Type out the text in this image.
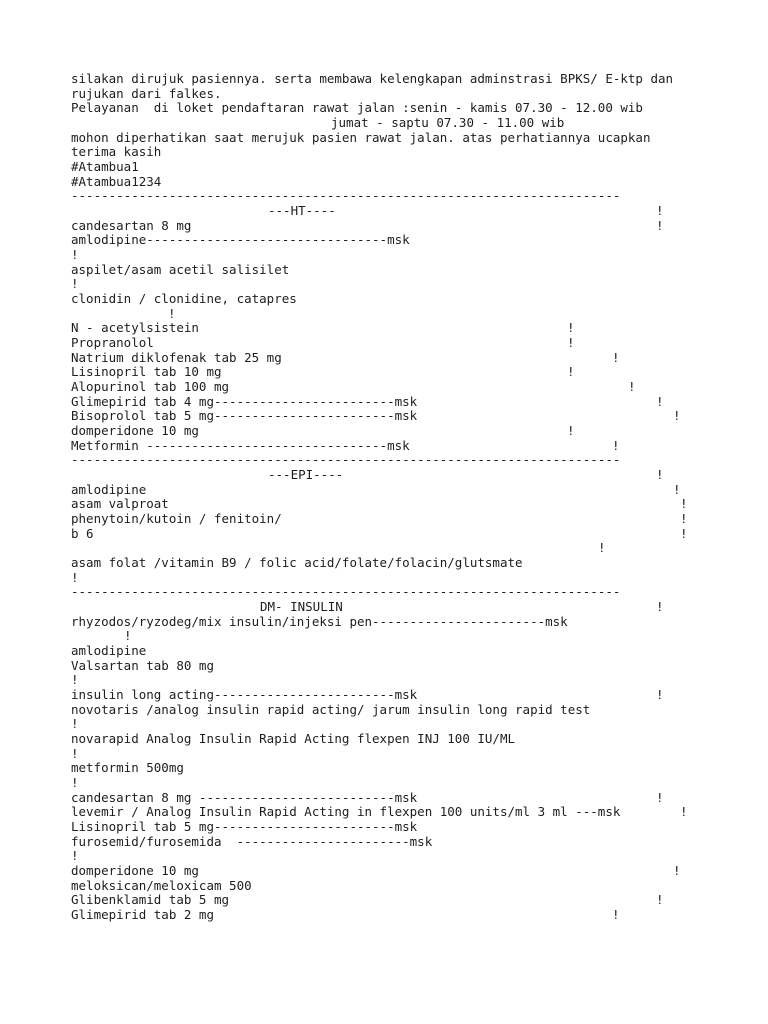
silakan dirujuk pasiennya. serta membawa kelengkapan adminstrasi BPKS/ E-ktp dan
rujukan dari falkes.
Pelayanan  di loket pendaftaran rawat jalan :senin - kamis 07.30 - 12.00 wib
jumat - saptu 07.30 - 11.00 wib
mohon diperhatikan saat merujuk pasien rawat jalan. atas perhatiannya ucapkan
terima kasih
#Atambua1
#Atambua1234
-------------------------------------------------------------------------
---HT----	!
candesartan 8 mg	!
amlodipine--------------------------------msk
!
aspilet/asam acetil salisilet
!
clonidin / clonidine, catapres
!
N - acetylsistein	!
Propranolol	!
Natrium diklofenak tab 25 mg	!
Lisinopril tab 10 mg	!
Alopurinol tab 100 mg	!
Glimepirid tab 4 mg------------------------msk	!
Bisoprolol tab 5 mg------------------------msk	!
domperidone 10 mg	!
Metformin --------------------------------msk	!
-------------------------------------------------------------------------
---EPI----	!
amlodipine	!
asam valproat	!
phenytoin/kutoin / fenitoin/	!
b 6	!
!
asam folat /vitamin B9 / folic acid/folate/folacin/glutsmate
!
-------------------------------------------------------------------------
DM- INSULIN	!
rhyzodos/ryzodeg/mix insulin/injeksi pen-----------------------msk
!
amlodipine
Valsartan tab 80 mg
!
insulin long acting------------------------msk	!
novotaris /analog insulin rapid acting/ jarum insulin long rapid test
!
novarapid Analog Insulin Rapid Acting flexpen INJ 100 IU/ML
!
metformin 500mg
!
candesartan 8 mg --------------------------msk	!
levemir / Analog Insulin Rapid Acting in flexpen 100 units/ml 3 ml ---msk	!
Lisinopril tab 5 mg------------------------msk
furosemid/furosemida  -----------------------msk
!
domperidone 10 mg	!
meloksican/meloxicam 500
Glibenklamid tab 5 mg	!
Glimepirid tab 2 mg	!
